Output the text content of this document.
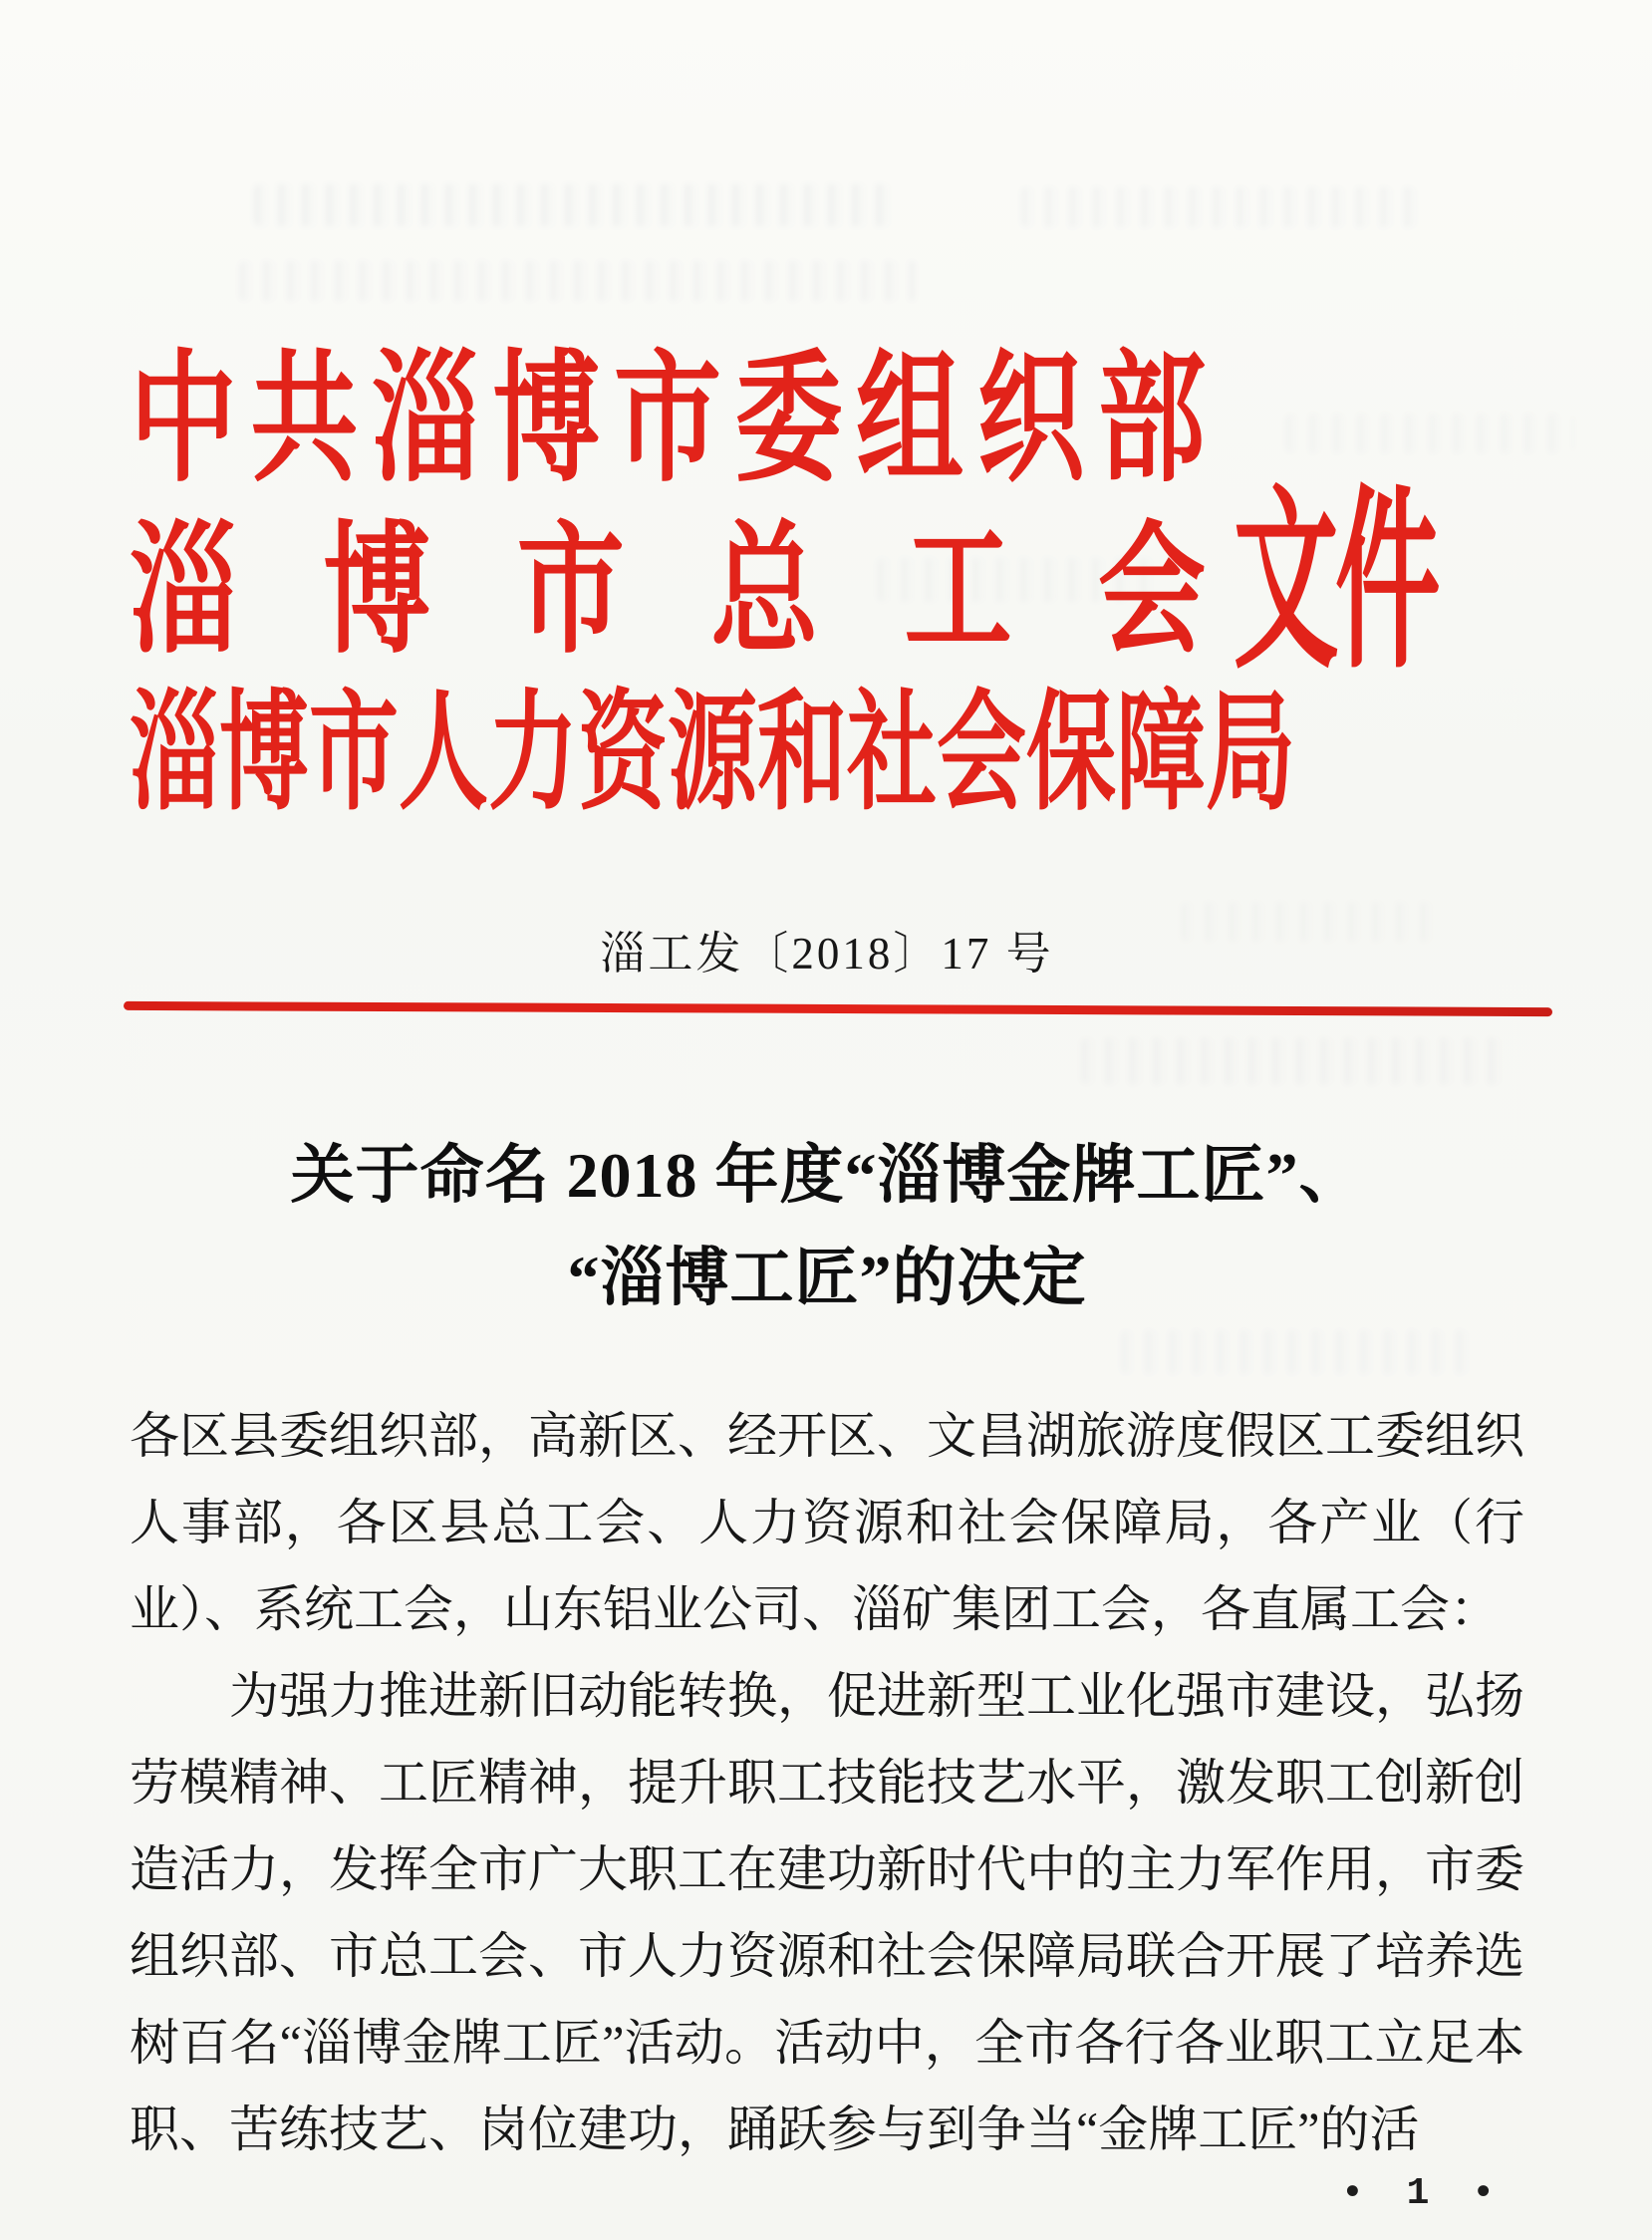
中共淄博市委组织部
淄博市总工会
淄博市人力资源和社会保障局
文件
淄工发〔2018〕17 号
关于命名 2018 年度“淄博金牌工匠”、
“淄博工匠”的决定

各区县委组织部，高新区、经开区、文昌湖旅游度假区工委组织人事部，各区县总工会、人力资源和社会保障局，各产业（行业）、系统工会，山东铝业公司、淄矿集团工会，各直属工会：

为强力推进新旧动能转换，促进新型工业化强市建设，弘扬劳模精神、工匠精神，提升职工技能技艺水平，激发职工创新创造活力，发挥全市广大职工在建功新时代中的主力军作用，市委组织部、市总工会、市人力资源和社会保障局联合开展了培养选树百名“淄博金牌工匠”活动。活动中，全市各行各业职工立足本职、苦练技艺、岗位建功，踊跃参与到争当“金牌工匠”的活

• 1 •
